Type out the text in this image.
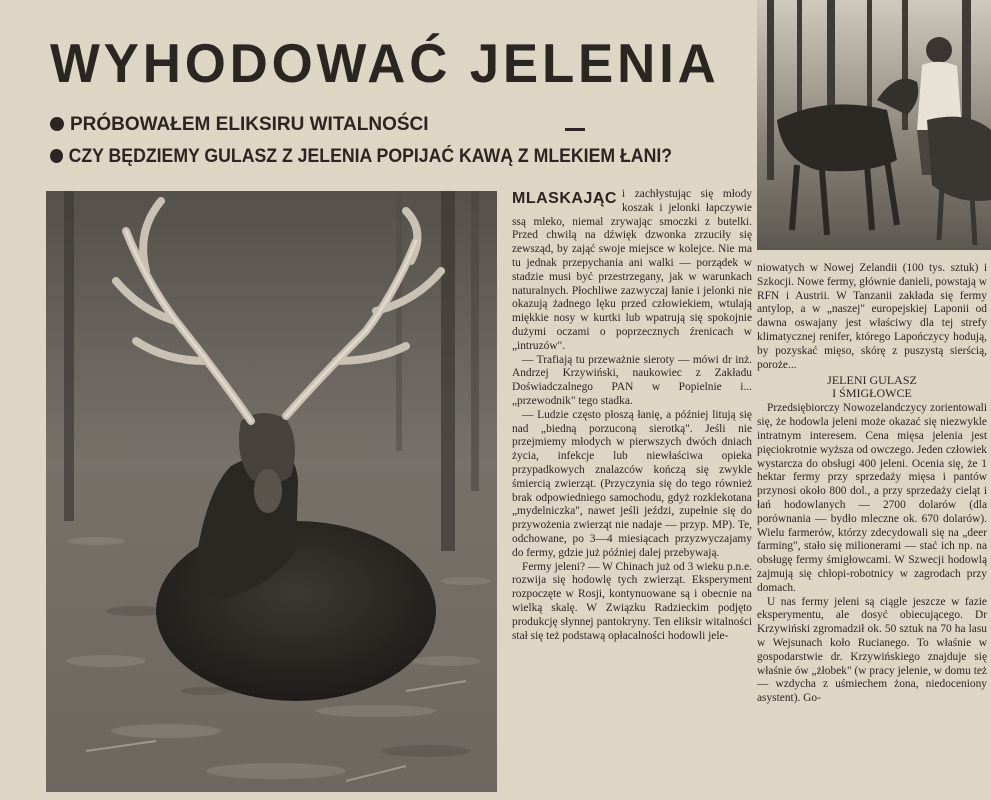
WYHODOWAĆ JELENIA
PRÓBOWAŁEM ELIKSIRU WITALNOŚCI
CZY BĘDZIEMY GULASZ Z JELENIA POPIJAĆ KAWĄ Z MLEKIEM ŁANI?

MLASKAJĄC i zachłystując się młody koszak i jelonki łapczywie ssą mleko, niemal zrywając smoczki z butelki. Przed chwilą na dźwięk dzwonka zrzuciły się zewsząd, by zająć swoje miejsce w kolejce. Nie ma tu jednak przepychania ani walki — porządek w stadzie musi być przestrzegany, jak w warunkach naturalnych. Płochliwe zazwyczaj łanie i jelonki nie okazują żadnego lęku przed człowiekiem, wtulają miękkie nosy w kurtki lub wpatrują się spokojnie dużymi oczami o poprzecznych źrenicach w „intruzów".

— Trafiają tu przeważnie sieroty — mówi dr inż. Andrzej Krzywiński, naukowiec z Zakładu Doświadczalnego PAN w Popielnie i... „przewodnik" tego stadka.

— Ludzie często płoszą łanię, a później litują się nad „biedną porzuconą sierotką". Jeśli nie przejmiemy młodych w pierwszych dwóch dniach życia, infekcje lub niewłaściwa opieka przypadkowych znalazców kończą się zwykle śmiercią zwierząt. (Przyczynia się do tego również brak odpowiedniego samochodu, gdyż rozklekotana „mydelniczka", nawet jeśli jeździ, zupełnie się do przywożenia zwierząt nie nadaje — przyp. MP). Te, odchowane, po 3—4 miesiącach przyzwyczajamy do fermy, gdzie już później dalej przebywają.

Fermy jeleni? — W Chinach już od 3 wieku p.n.e. rozwija się hodowlę tych zwierząt. Eksperyment rozpoczęte w Rosji, kontynuowane są i obecnie na wielką skalę. W Związku Radzieckim podjęto produkcję słynnej pantokryny. Ten eliksir witalności stał się też podstawą opłacalności hodowli jele-

niowatych w Nowej Zelandii (100 tys. sztuk) i Szkocji. Nowe fermy, głównie danieli, powstają w RFN i Austrii. W Tanzanii zakłada się fermy antylop, a w „naszej" europejskiej Laponii od dawna oswajany jest właściwy dla tej strefy klimatycznej renifer, którego Lapończycy hodują, by pozyskać mięso, skórę z puszystą sierścią, poroże...

JELENI GULASZ
I ŚMIGŁOWCE

Przedsiębiorczy Nowozelandczycy zorientowali się, że hodowla jeleni może okazać się niezwykle intratnym interesem. Cena mięsa jelenia jest pięciokrotnie wyższa od owczego. Jeden człowiek wystarcza do obsługi 400 jeleni. Ocenia się, że 1 hektar fermy przy sprzedaży mięsa i pantów przynosi około 800 dol., a przy sprzedaży cieląt i łań hodowlanych — 2700 dolarów (dla porównania — bydło mleczne ok. 670 dolarów). Wielu farmerów, którzy zdecydowali się na „deer farming", stało się milionerami — stać ich np. na obsługę fermy śmigłowcami. W Szwecji hodowlą zajmują się chłopi-robotnicy w zagrodach przy domach.

U nas fermy jeleni są ciągle jeszcze w fazie eksperymentu, ale dosyć obiecującego. Dr Krzywiński zgromadził ok. 50 sztuk na 70 ha lasu w Wejsunach koło Rucianego. To właśnie w gospodarstwie dr. Krzywińskiego znajduje się właśnie ów „żłobek" (w pracy jelenie, w domu też — wzdycha z uśmiechem żona, niedoceniony asystent). Go-
